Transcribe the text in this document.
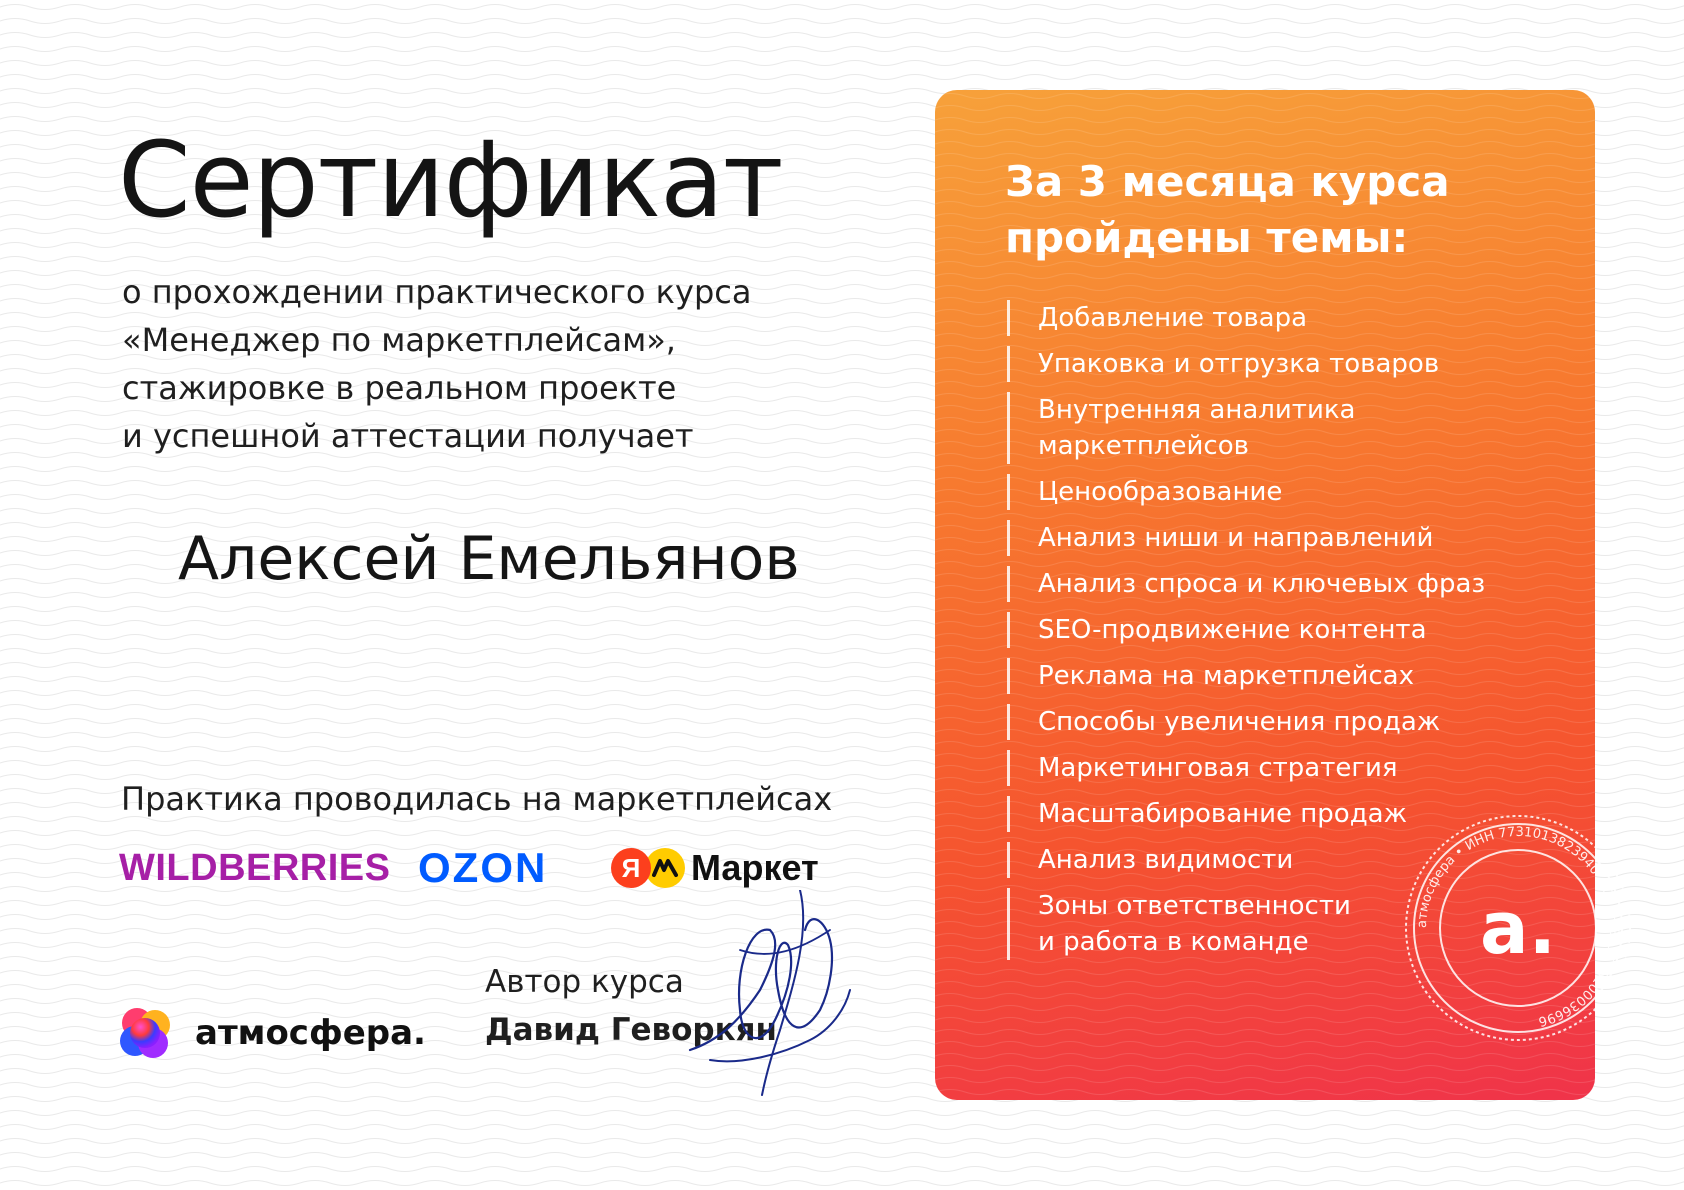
Сертификат
о прохождении практического курса
«Менеджер по маркетплейсам»,
стажировке в реальном проекте
и успешной аттестации получает
Алексей Емельянов
Практика проводилась на маркетплейсах
WILDBERRIES OZON	Я Маркет
атмосфера.
Автор курса
Давид Геворкян
За 3 месяца курса
пройдены темы:
Добавление товара
Упаковка и отгрузка товаров
Внутренняя аналитика маркетплейсов
Ценообразование
Анализ ниши и направлений
Анализ спроса и ключевых фраз
SEO-продвижение контента
Реклама на маркетплейсах
Способы увеличения продаж
Маркетинговая стратегия
Масштабирование продаж
Анализ видимости
Зоны ответственности и работа в команде
атмосфера • ИНН 7731013823940 • ОГРН 321508100036696
а.
